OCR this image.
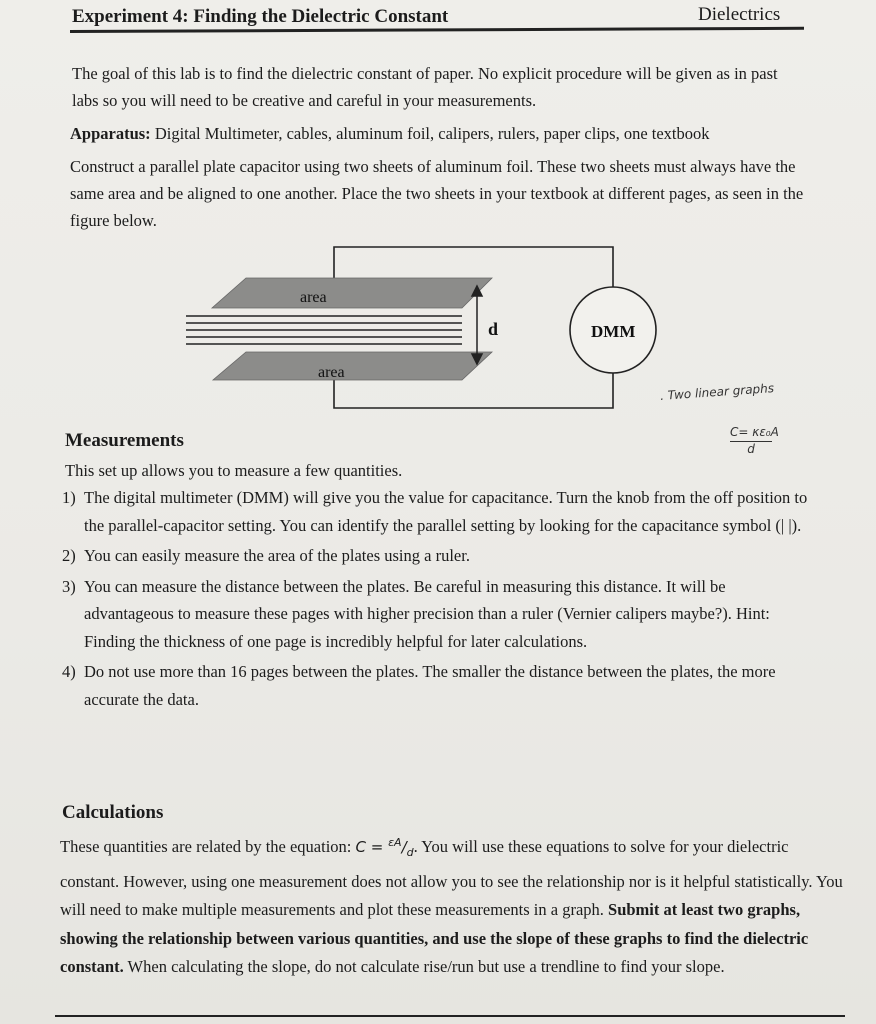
Experiment 4: Finding the Dielectric Constant	Dielectrics
The goal of this lab is to find the dielectric constant of paper. No explicit procedure will be given as in past labs so you will need to be creative and careful in your measurements.
Apparatus: Digital Multimeter, cables, aluminum foil, calipers, rulers, paper clips, one textbook
Construct a parallel plate capacitor using two sheets of aluminum foil. These two sheets must always have the same area and be aligned to one another. Place the two sheets in your textbook at different pages, as seen in the figure below.
area
area
d	DMM
. Two linear graphs
$\frac{\text{C= κε₀A}}{d}$
Measurements
This set up allows you to measure a few quantities.
1) The digital multimeter (DMM) will give you the value for capacitance. Turn the knob from the off position to the parallel-capacitor setting. You can identify the parallel setting by looking for the capacitance symbol (| |).
2) You can easily measure the area of the plates using a ruler.
3) You can measure the distance between the plates. Be careful in measuring this distance. It will be advantageous to measure these pages with higher precision than a ruler (Vernier calipers maybe?). Hint: Finding the thickness of one page is incredibly helpful for later calculations.
4) Do not use more than 16 pages between the plates. The smaller the distance between the plates, the more accurate the data.
Calculations
These quantities are related by the equation: $C = ^{\varepsilon A}/_d$. You will use these equations to solve for your dielectric constant. However, using one measurement does not allow you to see the relationship nor is it helpful statistically. You will need to make multiple measurements and plot these measurements in a graph. Submit at least two graphs, showing the relationship between various quantities, and use the slope of these graphs to find the dielectric constant. When calculating the slope, do not calculate rise/run but use a trendline to find your slope.
